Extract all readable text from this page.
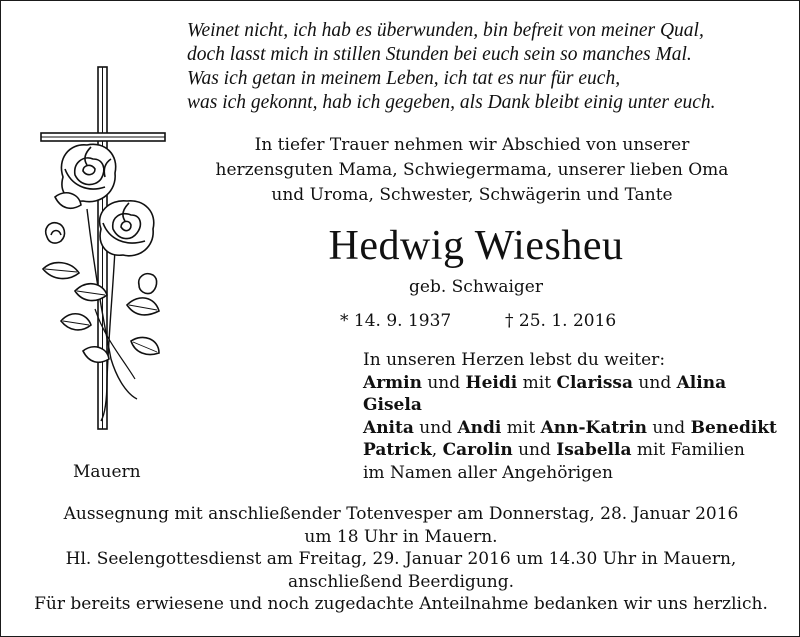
Weinet nicht, ich hab es überwunden, bin befreit von meiner Qual,
doch lasst mich in stillen Stunden bei euch sein so manches Mal.
Was ich getan in meinem Leben, ich tat es nur für euch,
was ich gekonnt, hab ich gegeben, als Dank bleibt einig unter euch.
In tiefer Trauer nehmen wir Abschied von unserer
herzensguten Mama, Schwiegermama, unserer lieben Oma
und Uroma, Schwester, Schwägerin und Tante
Hedwig Wiesheu
geb. Schwaiger
* 14. 9. 1937	† 25. 1. 2016
In unseren Herzen lebst du weiter:
Armin und Heidi mit Clarissa und Alina
Gisela
Anita und Andi mit Ann-Katrin und Benedikt
Patrick, Carolin und Isabella mit Familien
im Namen aller Angehörigen
Mauern
Aussegnung mit anschließender Totenvesper am Donnerstag, 28. Januar 2016
um 18 Uhr in Mauern.
Hl. Seelengottesdienst am Freitag, 29. Januar 2016 um 14.30 Uhr in Mauern,
anschließend Beerdigung.
Für bereits erwiesene und noch zugedachte Anteilnahme bedanken wir uns herzlich.
